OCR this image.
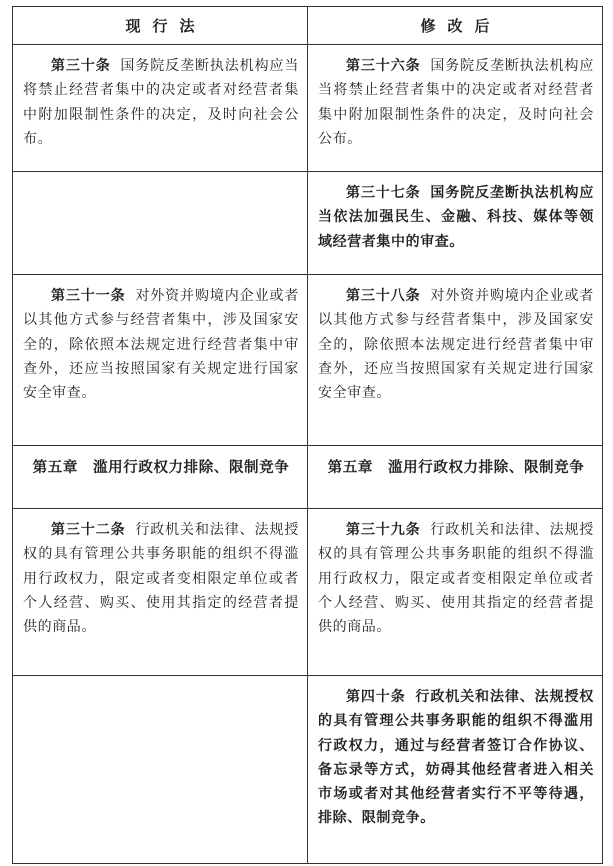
现行法	修改后
第三十条 国务院反垄断执法机构应当将禁止经营者集中的决定或者对经营者集中附加限制性条件的决定，及时向社会公布。	第三十六条 国务院反垄断执法机构应当将禁止经营者集中的决定或者对经营者集中附加限制性条件的决定，及时向社会公布。
	第三十七条 国务院反垄断执法机构应当依法加强民生、金融、科技、媒体等领域经营者集中的审查。
第三十一条 对外资并购境内企业或者以其他方式参与经营者集中，涉及国家安全的，除依照本法规定进行经营者集中审查外，还应当按照国家有关规定进行国家安全审查。	第三十八条 对外资并购境内企业或者以其他方式参与经营者集中，涉及国家安全的，除依照本法规定进行经营者集中审查外，还应当按照国家有关规定进行国家安全审查。
第五章　滥用行政权力排除、限制竞争	第五章　滥用行政权力排除、限制竞争
第三十二条 行政机关和法律、法规授权的具有管理公共事务职能的组织不得滥用行政权力，限定或者变相限定单位或者个人经营、购买、使用其指定的经营者提供的商品。	第三十九条 行政机关和法律、法规授权的具有管理公共事务职能的组织不得滥用行政权力，限定或者变相限定单位或者个人经营、购买、使用其指定的经营者提供的商品。
	第四十条 行政机关和法律、法规授权的具有管理公共事务职能的组织不得滥用行政权力，通过与经营者签订合作协议、备忘录等方式，妨碍其他经营者进入相关市场或者对其他经营者实行不平等待遇，排除、限制竞争。
